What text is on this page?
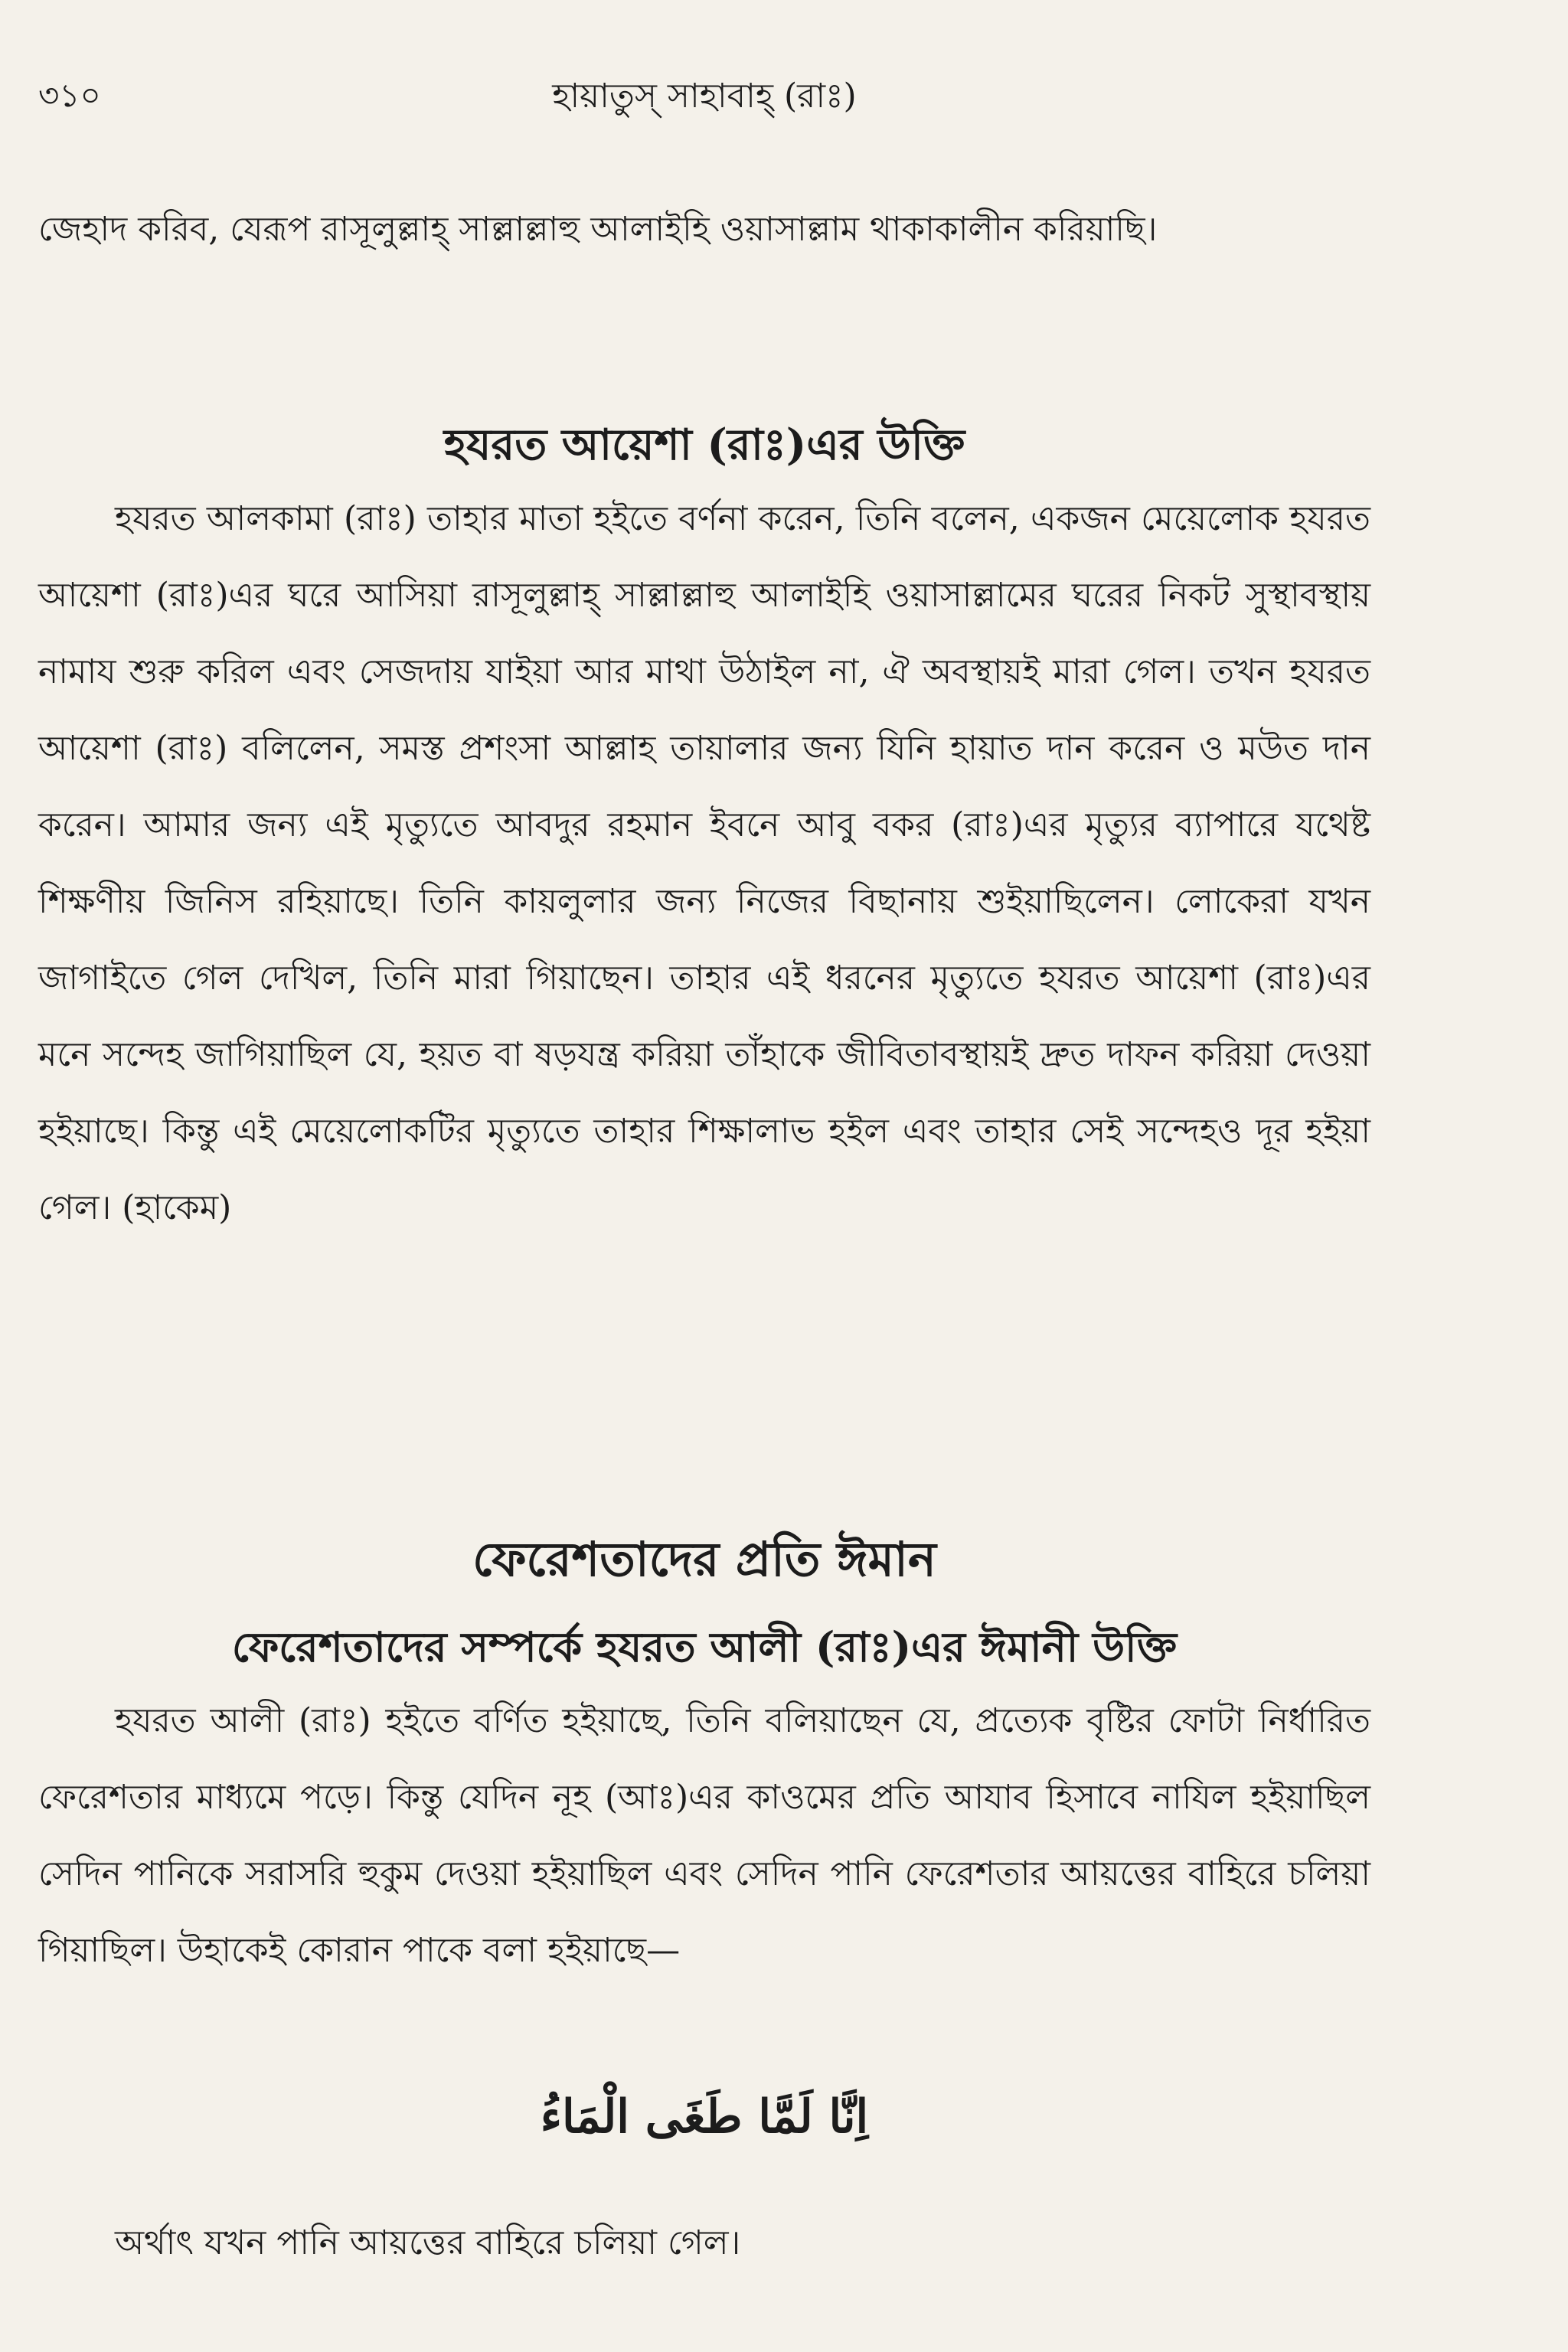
৩১০	হায়াতুস্ সাহাবাহ্ (রাঃ)

জেহাদ করিব, যেরূপ রাসূলুল্লাহ্ সাল্লাল্লাহু আলাইহি ওয়াসাল্লাম থাকাকালীন করিয়াছি।

হযরত আয়েশা (রাঃ)এর উক্তি

হযরত আলকামা (রাঃ) তাহার মাতা হইতে বর্ণনা করেন, তিনি বলেন, একজন মেয়েলোক হযরত আয়েশা (রাঃ)এর ঘরে আসিয়া রাসূলুল্লাহ্ সাল্লাল্লাহু আলাইহি ওয়াসাল্লামের ঘরের নিকট সুস্থাবস্থায় নামায শুরু করিল এবং সেজদায় যাইয়া আর মাথা উঠাইল না, ঐ অবস্থায়ই মারা গেল। তখন হযরত আয়েশা (রাঃ) বলিলেন, সমস্ত প্রশংসা আল্লাহ তায়ালার জন্য যিনি হায়াত দান করেন ও মউত দান করেন। আমার জন্য এই মৃত্যুতে আবদুর রহমান ইবনে আবু বকর (রাঃ)এর মৃত্যুর ব্যাপারে যথেষ্ট শিক্ষণীয় জিনিস রহিয়াছে। তিনি কায়লুলার জন্য নিজের বিছানায় শুইয়াছিলেন। লোকেরা যখন জাগাইতে গেল দেখিল, তিনি মারা গিয়াছেন। তাহার এই ধরনের মৃত্যুতে হযরত আয়েশা (রাঃ)এর মনে সন্দেহ জাগিয়াছিল যে, হয়ত বা ষড়যন্ত্র করিয়া তাঁহাকে জীবিতাবস্থায়ই দ্রুত দাফন করিয়া দেওয়া হইয়াছে। কিন্তু এই মেয়েলোকটির মৃত্যুতে তাহার শিক্ষালাভ হইল এবং তাহার সেই সন্দেহও দূর হইয়া গেল। (হাকেম)

ফেরেশতাদের প্রতি ঈমান
ফেরেশতাদের সম্পর্কে হযরত আলী (রাঃ)এর ঈমানী উক্তি

হযরত আলী (রাঃ) হইতে বর্ণিত হইয়াছে, তিনি বলিয়াছেন যে, প্রত্যেক বৃষ্টির ফোটা নির্ধারিত ফেরেশতার মাধ্যমে পড়ে। কিন্তু যেদিন নূহ (আঃ)এর কাওমের প্রতি আযাব হিসাবে নাযিল হইয়াছিল সেদিন পানিকে সরাসরি হুকুম দেওয়া হইয়াছিল এবং সেদিন পানি ফেরেশতার আয়ত্তের বাহিরে চলিয়া গিয়াছিল। উহাকেই কোরান পাকে বলা হইয়াছে—

اِنَّا لَمَّا طَغَی الْمَاءُ

অর্থাৎ যখন পানি আয়ত্তের বাহিরে চলিয়া গেল।
